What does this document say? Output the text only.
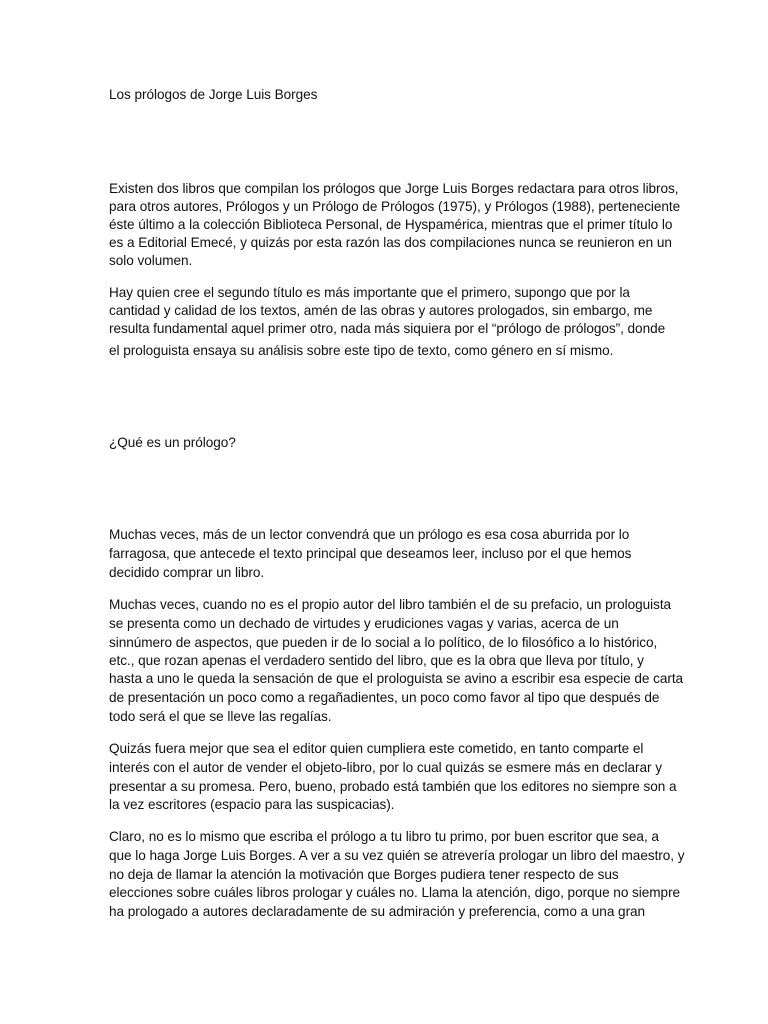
Los prólogos de Jorge Luis Borges
Existen dos libros que compilan los prólogos que Jorge Luis Borges redactara para otros libros,
para otros autores, Prólogos y un Prólogo de Prólogos (1975), y Prólogos (1988), perteneciente
éste último a la colección Biblioteca Personal, de Hyspamérica, mientras que el primer título lo
es a Editorial Emecé, y quizás por esta razón las dos compilaciones nunca se reunieron en un
solo volumen.
Hay quien cree el segundo título es más importante que el primero, supongo que por la
cantidad y calidad de los textos, amén de las obras y autores prologados, sin embargo, me
resulta fundamental aquel primer otro, nada más siquiera por el “prólogo de prólogos”, donde
el prologuista ensaya su análisis sobre este tipo de texto, como género en sí mismo.
¿Qué es un prólogo?
Muchas veces, más de un lector convendrá que un prólogo es esa cosa aburrida por lo
farragosa, que antecede el texto principal que deseamos leer, incluso por el que hemos
decidido comprar un libro.
Muchas veces, cuando no es el propio autor del libro también el de su prefacio, un prologuista
se presenta como un dechado de virtudes y erudiciones vagas y varias, acerca de un
sinnúmero de aspectos, que pueden ir de lo social a lo político, de lo filosófico a lo histórico,
etc., que rozan apenas el verdadero sentido del libro, que es la obra que lleva por título, y
hasta a uno le queda la sensación de que el prologuista se avino a escribir esa especie de carta
de presentación un poco como a regañadientes, un poco como favor al tipo que después de
todo será el que se lleve las regalías.
Quizás fuera mejor que sea el editor quien cumpliera este cometido, en tanto comparte el
interés con el autor de vender el objeto-libro, por lo cual quizás se esmere más en declarar y
presentar a su promesa. Pero, bueno, probado está también que los editores no siempre son a
la vez escritores (espacio para las suspicacias).
Claro, no es lo mismo que escriba el prólogo a tu libro tu primo, por buen escritor que sea, a
que lo haga Jorge Luis Borges. A ver a su vez quién se atrevería prologar un libro del maestro, y
no deja de llamar la atención la motivación que Borges pudiera tener respecto de sus
elecciones sobre cuáles libros prologar y cuáles no. Llama la atención, digo, porque no siempre
ha prologado a autores declaradamente de su admiración y preferencia, como a una gran
